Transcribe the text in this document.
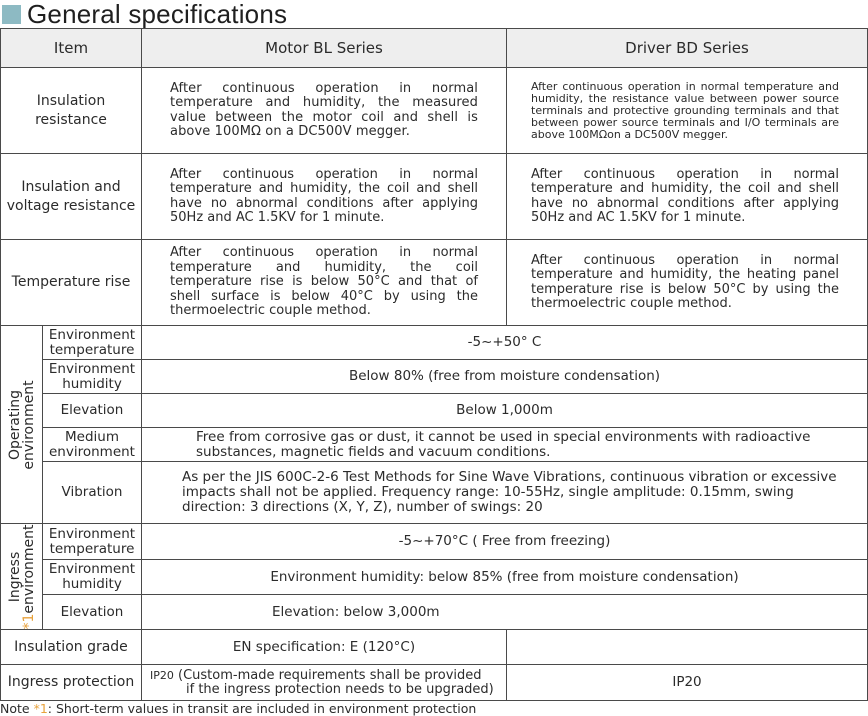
General specifications
Item		Motor BL Series	Driver BD Series

Insulation resistance		After continuous operation in normal temperature and humidity, the measured value between the motor coil and shell is above 100MΩ on a DC500V megger.	After continuous operation in normal temperature and humidity, the resistance value between power source terminals and protective grounding terminals and that between power source terminals and I/O terminals are above 100MΩon a DC500V megger.

Insulation and voltage resistance		After continuous operation in normal temperature and humidity, the coil and shell have no abnormal conditions after applying 50Hz and AC 1.5KV for 1 minute.	After continuous operation in normal temperature and humidity, the coil and shell have no abnormal conditions after applying 50Hz and AC 1.5KV for 1 minute.

Temperature rise		After continuous operation in normal temperature and humidity, the coil temperature rise is below 50°C and that of shell surface is below 40°C by using the thermoelectric couple method.	After continuous operation in normal temperature and humidity, the heating panel temperature rise is below 50°C by using the thermoelectric couple method.

Operating
environment	Environment temperature	-5~+50° C	
	Environment humidity	Below 80% (free from moisture condensation)	
	Elevation	Below 1,000m	
	Medium environment	Free from corrosive gas or dust, it cannot be used in special environments with radioactive substances, magnetic fields and vacuum conditions.	

	Vibration	As per the JIS 600C-2-6 Test Methods for Sine Wave Vibrations, continuous vibration or excessive impacts shall not be applied. Frequency range: 10-55Hz, single amplitude: 0.15mm, swing direction: 3 directions (X, Y, Z), number of swings: 20	

Ingress
*1environment	Environment temperature	-5~+70°C ( Free from freezing)	
	Environment humidity	Environment humidity: below 85% (free from moisture condensation)	
	Elevation	Elevation: below 3,000m	

Insulation grade		EN specification: E (120°C)	
Ingress protection		IP20 (Custom-made requirements shall be provided
if the ingress protection needs to be upgraded)	IP20
Note *1: Short-term values in transit are included in environment protection
